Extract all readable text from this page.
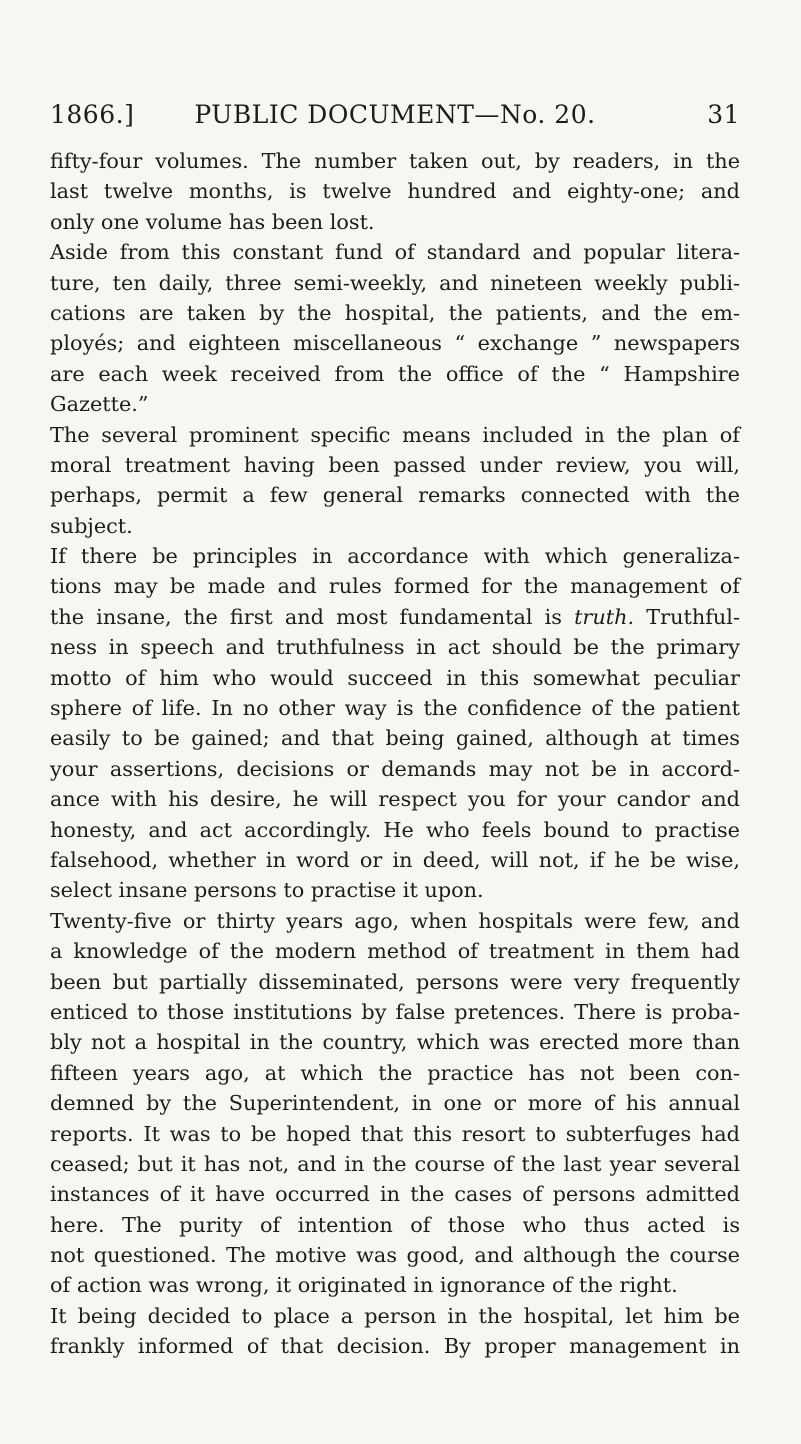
1866.]	PUBLIC DOCUMENT—No. 20.	31
fifty-four volumes. The number taken out, by readers, in the
last twelve months, is twelve hundred and eighty-one; and
only one volume has been lost.
Aside from this constant fund of standard and popular litera-
ture, ten daily, three semi-weekly, and nineteen weekly publi-
cations are taken by the hospital, the patients, and the em-
ployés; and eighteen miscellaneous “ exchange ” newspapers
are each week received from the office of the “ Hampshire
Gazette.”
The several prominent specific means included in the plan of
moral treatment having been passed under review, you will,
perhaps, permit a few general remarks connected with the
subject.
If there be principles in accordance with which generaliza-
tions may be made and rules formed for the management of
the insane, the first and most fundamental is truth. Truthful-
ness in speech and truthfulness in act should be the primary
motto of him who would succeed in this somewhat peculiar
sphere of life. In no other way is the confidence of the patient
easily to be gained; and that being gained, although at times
your assertions, decisions or demands may not be in accord-
ance with his desire, he will respect you for your candor and
honesty, and act accordingly. He who feels bound to practise
falsehood, whether in word or in deed, will not, if he be wise,
select insane persons to practise it upon.
Twenty-five or thirty years ago, when hospitals were few, and
a knowledge of the modern method of treatment in them had
been but partially disseminated, persons were very frequently
enticed to those institutions by false pretences. There is proba-
bly not a hospital in the country, which was erected more than
fifteen years ago, at which the practice has not been con-
demned by the Superintendent, in one or more of his annual
reports. It was to be hoped that this resort to subterfuges had
ceased; but it has not, and in the course of the last year several
instances of it have occurred in the cases of persons admitted
here. The purity of intention of those who thus acted is
not questioned. The motive was good, and although the course
of action was wrong, it originated in ignorance of the right.
It being decided to place a person in the hospital, let him be
frankly informed of that decision. By proper management in
